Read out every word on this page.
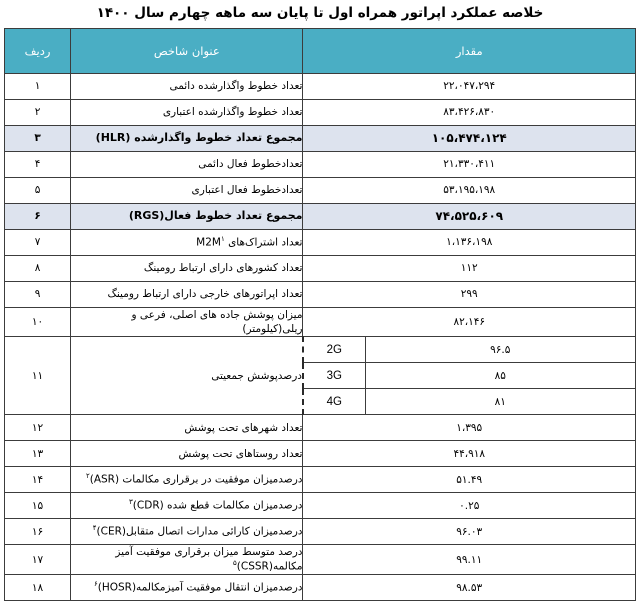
خلاصه عملکرد اپراتور همراه اول تا پایان سه ماهه چهارم سال ۱۴۰۰
مقدار		عنوان شاخص	ردیف
۲۲،۰۴۷،۲۹۴		تعداد خطوط واگذارشده دائمی	۱
۸۳،۴۲۶،۸۳۰		تعداد خطوط واگذارشده اعتباری	۲
۱۰۵،۴۷۴،۱۲۴		مجموع تعداد خطوط واگذارشده (HLR)	۳
۲۱،۳۳۰،۴۱۱		تعدادخطوط فعال دائمی	۴
۵۳،۱۹۵،۱۹۸		تعدادخطوط فعال اعتباری	۵
۷۴،۵۲۵،۶۰۹		مجموع تعداد خطوط فعال(RGS)	۶
۱،۱۳۶،۱۹۸		تعداد اشتراک‌های $M2M^۱$	۷
۱۱۲		تعداد کشورهای دارای ارتباط رومینگ	۸
۲۹۹		تعداد اپراتورهای خارجی دارای ارتباط رومینگ	۹
۸۲،۱۴۶		میزان پوشش جاده های اصلی، فرعی و ریلی(کیلومتر)	۱۰
۹۶.۵	2G	درصدپوشش جمعیتی	۱۱
۸۵	3G		
۸۱	4G		
۱،۳۹۵		تعداد شهرهای تحت پوشش	۱۲
۴۴،۹۱۸		تعداد روستاهای تحت پوشش	۱۳
۵۱.۴۹		درصدمیزان موفقیت در برقراری مکالمات (ASR)$^۲$	۱۴
۰.۲۵		درصدمیزان مکالمات قطع شده (CDR)$^۳$	۱۵
۹۶.۰۳		درصدمیزان کارائی مدارات اتصال متقابل(CER)$^۴$	۱۶
۹۹.۱۱		درصد متوسط میزان برقراری موفقیت آمیز مکالمه(CSSR)$^۵$	۱۷
۹۸.۵۳		درصدمیزان انتقال موفقیت آمیزمکالمه(HOSR)$^۶$	۱۸
